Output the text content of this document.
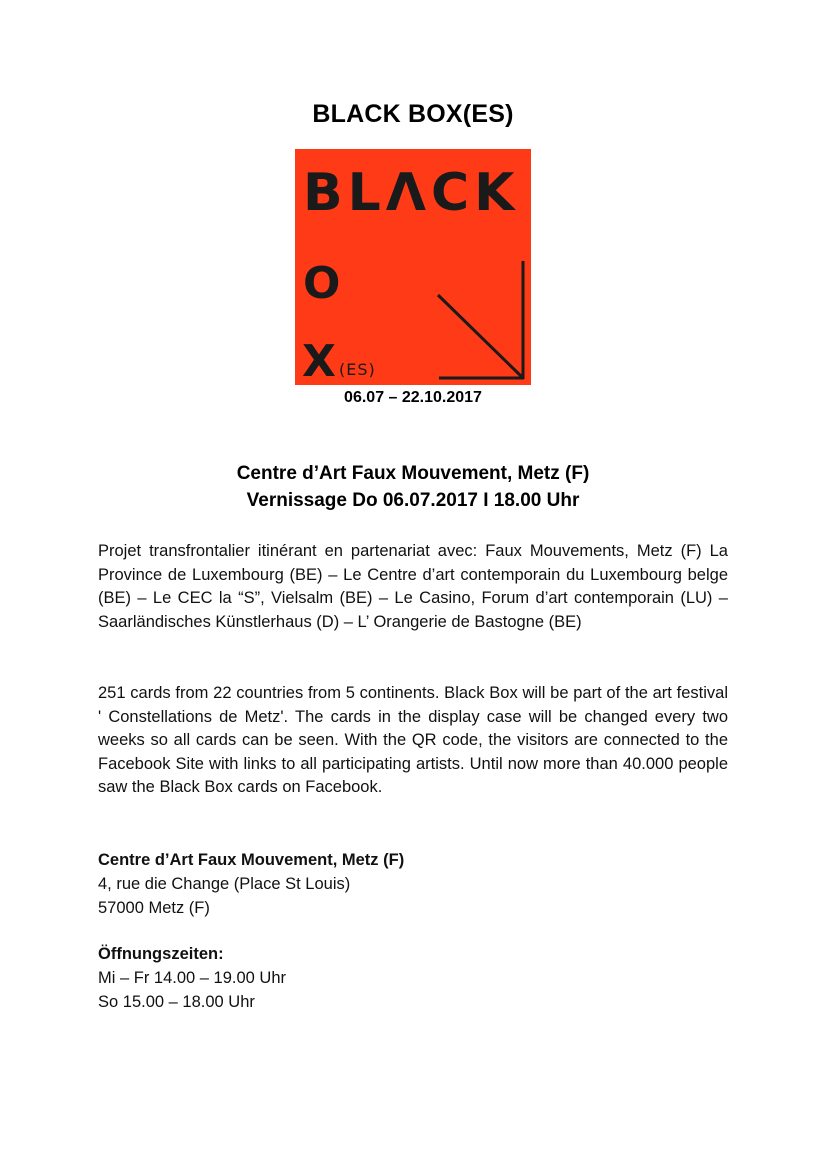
BLACK BOX(ES)
BLΛCK
O
X (ES)
06.07 – 22.10.2017
Centre d’Art Faux Mouvement, Metz (F)
Vernissage Do 06.07.2017 I 18.00 Uhr
Projet transfrontalier itinérant en partenariat avec: Faux Mouvements, Metz (F) La Province de Luxembourg (BE) – Le Centre d’art contemporain du Luxembourg belge (BE) – Le CEC la “S”, Vielsalm (BE) – Le Casino, Forum d’art contemporain (LU) – Saarländisches Künstlerhaus (D) – L’ Orangerie de Bastogne (BE)
251 cards from 22 countries from 5 continents. Black Box will be part of the art festival ' Constellations de Metz'. The cards in the display case will be changed every two weeks so all cards can be seen. With the QR code, the visitors are connected to the Facebook Site with links to all participating artists. Until now more than 40.000 people saw the Black Box cards on Facebook.
Centre d’Art Faux Mouvement, Metz (F)
4, rue die Change (Place St Louis)
57000 Metz (F)
Öffnungszeiten:
Mi – Fr 14.00 – 19.00 Uhr
So 15.00 – 18.00 Uhr
